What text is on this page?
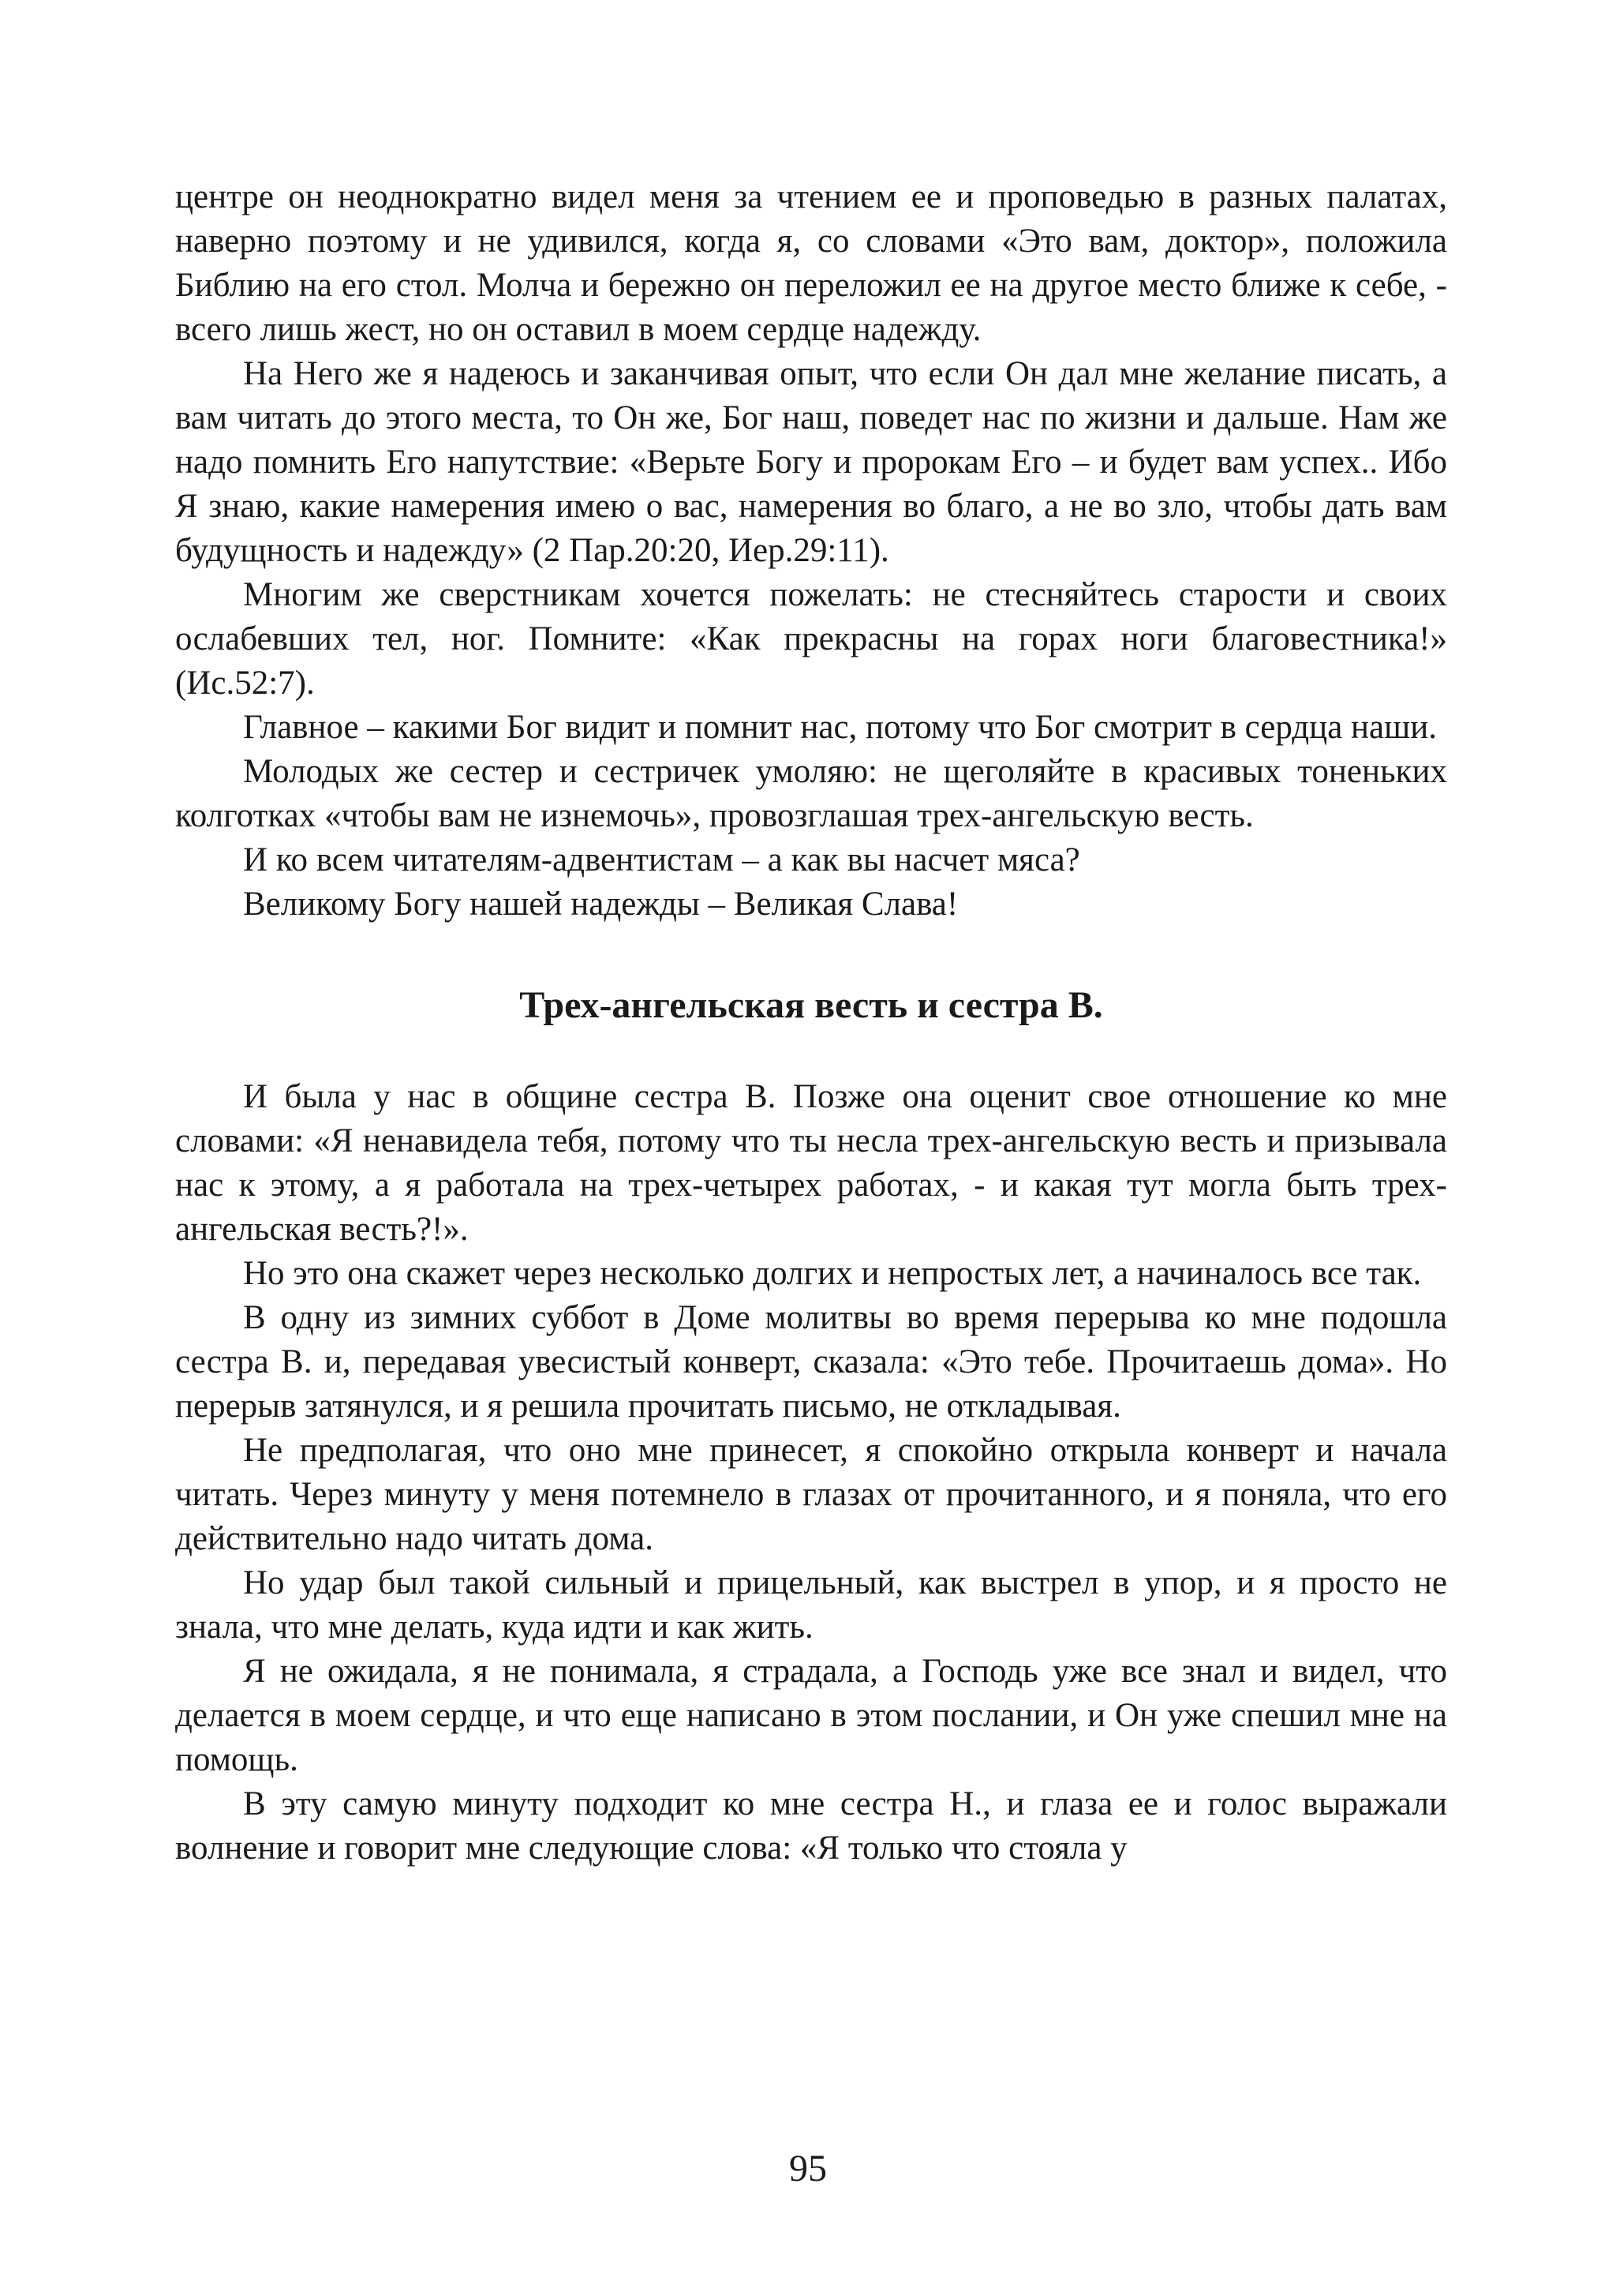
центре он неоднократно видел меня за чтением ее и проповедью в разных палатах, наверно поэтому и не удивился, когда я, со словами «Это вам, доктор», положила Библию на его стол. Молча и бережно он переложил ее на другое место ближе к себе, - всего лишь жест, но он оставил в моем сердце надежду.

На Него же я надеюсь и заканчивая опыт, что если Он дал мне желание писать, а вам читать до этого места, то Он же, Бог наш, поведет нас по жизни и дальше. Нам же надо помнить Его напутствие: «Верьте Богу и пророкам Его – и будет вам успех.. Ибо Я знаю, какие намерения имею о вас, намерения во благо, а не во зло, чтобы дать вам будущность и надежду» (2 Пар.20:20, Иер.29:11).

Многим же сверстникам хочется пожелать: не стесняйтесь старости и своих ослабевших тел, ног. Помните: «Как прекрасны на горах ноги благовестника!» (Ис.52:7).

Главное – какими Бог видит и помнит нас, потому что Бог смотрит в сердца наши.

Молодых же сестер и сестричек умоляю: не щеголяйте в красивых тоненьких колготках «чтобы вам не изнемочь», провозглашая трех-ангельскую весть.

И ко всем читателям-адвентистам – а как вы насчет мяса?

Великому Богу нашей надежды – Великая Слава!

Трех-ангельская весть и сестра В.

И была у нас в общине сестра В. Позже она оценит свое отношение ко мне словами: «Я ненавидела тебя, потому что ты несла трех-ангельскую весть и призывала нас к этому, а я работала на трех-четырех работах, - и какая тут могла быть трех-ангельская весть?!».

Но это она скажет через несколько долгих и непростых лет, а начиналось все так.

В одну из зимних суббот в Доме молитвы во время перерыва ко мне подошла сестра В. и, передавая увесистый конверт, сказала: «Это тебе. Прочитаешь дома». Но перерыв затянулся, и я решила прочитать письмо, не откладывая.

Не предполагая, что оно мне принесет, я спокойно открыла конверт и начала читать. Через минуту у меня потемнело в глазах от прочитанного, и я поняла, что его действительно надо читать дома.

Но удар был такой сильный и прицельный, как выстрел в упор, и я просто не знала, что мне делать, куда идти и как жить.

Я не ожидала, я не понимала, я страдала, а Господь уже все знал и видел, что делается в моем сердце, и что еще написано в этом послании, и Он уже спешил мне на помощь.

В эту самую минуту подходит ко мне сестра Н., и глаза ее и голос выражали волнение и говорит мне следующие слова: «Я только что стояла у

95
